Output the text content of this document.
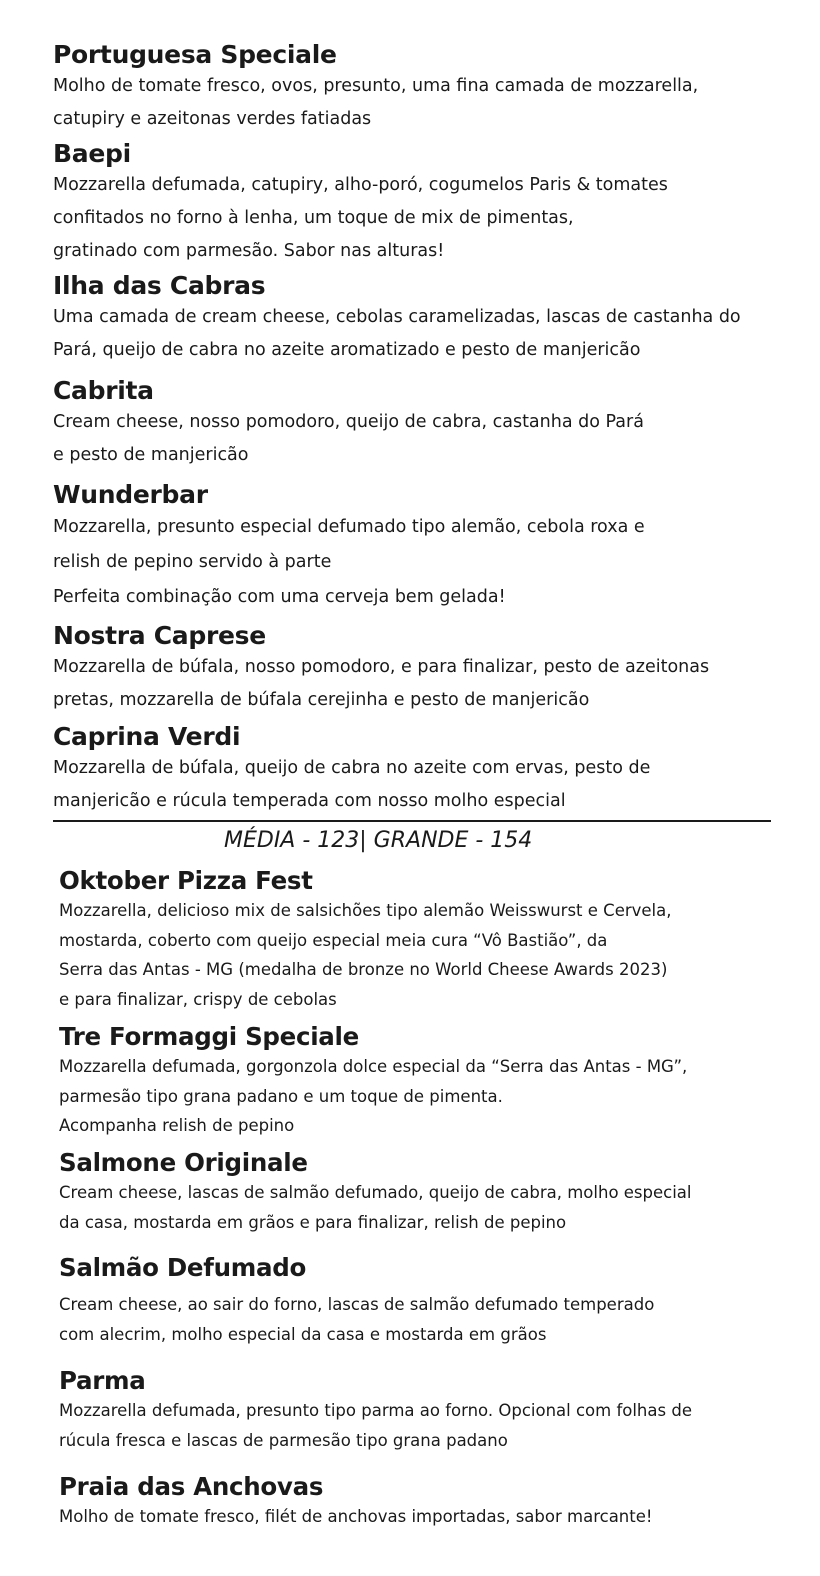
Portuguesa Speciale

Molho de tomate fresco, ovos, presunto, uma fina camada de mozzarella,
catupiry e azeitonas verdes fatiadas

Baepi

Mozzarella defumada, catupiry, alho-poró, cogumelos Paris & tomates
confitados no forno à lenha, um toque de mix de pimentas,
gratinado com parmesão. Sabor nas alturas!

Ilha das Cabras

Uma camada de cream cheese, cebolas caramelizadas, lascas de castanha do
Pará, queijo de cabra no azeite aromatizado e pesto de manjericão

Cabrita

Cream cheese, nosso pomodoro, queijo de cabra, castanha do Pará
e pesto de manjericão

Wunderbar

Mozzarella, presunto especial defumado tipo alemão, cebola roxa e
relish de pepino servido à parte
Perfeita combinação com uma cerveja bem gelada!

Nostra Caprese

Mozzarella de búfala, nosso pomodoro, e para finalizar, pesto de azeitonas
pretas, mozzarella de búfala cerejinha e pesto de manjericão

Caprina Verdi

Mozzarella de búfala, queijo de cabra no azeite com ervas, pesto de
manjericão e rúcula temperada com nosso molho especial

MÉDIA - 123| GRANDE - 154
Oktober Pizza Fest

Mozzarella, delicioso mix de salsichões tipo alemão Weisswurst e Cervela,
mostarda, coberto com queijo especial meia cura “Vô Bastião”, da
Serra das Antas - MG (medalha de bronze no World Cheese Awards 2023)
e para finalizar, crispy de cebolas

Tre Formaggi Speciale

Mozzarella defumada, gorgonzola dolce especial da “Serra das Antas - MG”,
parmesão tipo grana padano e um toque de pimenta.
Acompanha relish de pepino

Salmone Originale

Cream cheese, lascas de salmão defumado, queijo de cabra, molho especial
da casa, mostarda em grãos e para finalizar, relish de pepino

Salmão Defumado

Cream cheese, ao sair do forno, lascas de salmão defumado temperado
com alecrim, molho especial da casa e mostarda em grãos

Parma

Mozzarella defumada, presunto tipo parma ao forno. Opcional com folhas de
rúcula fresca e lascas de parmesão tipo grana padano

Praia das Anchovas

Molho de tomate fresco, filét de anchovas importadas, sabor marcante!
